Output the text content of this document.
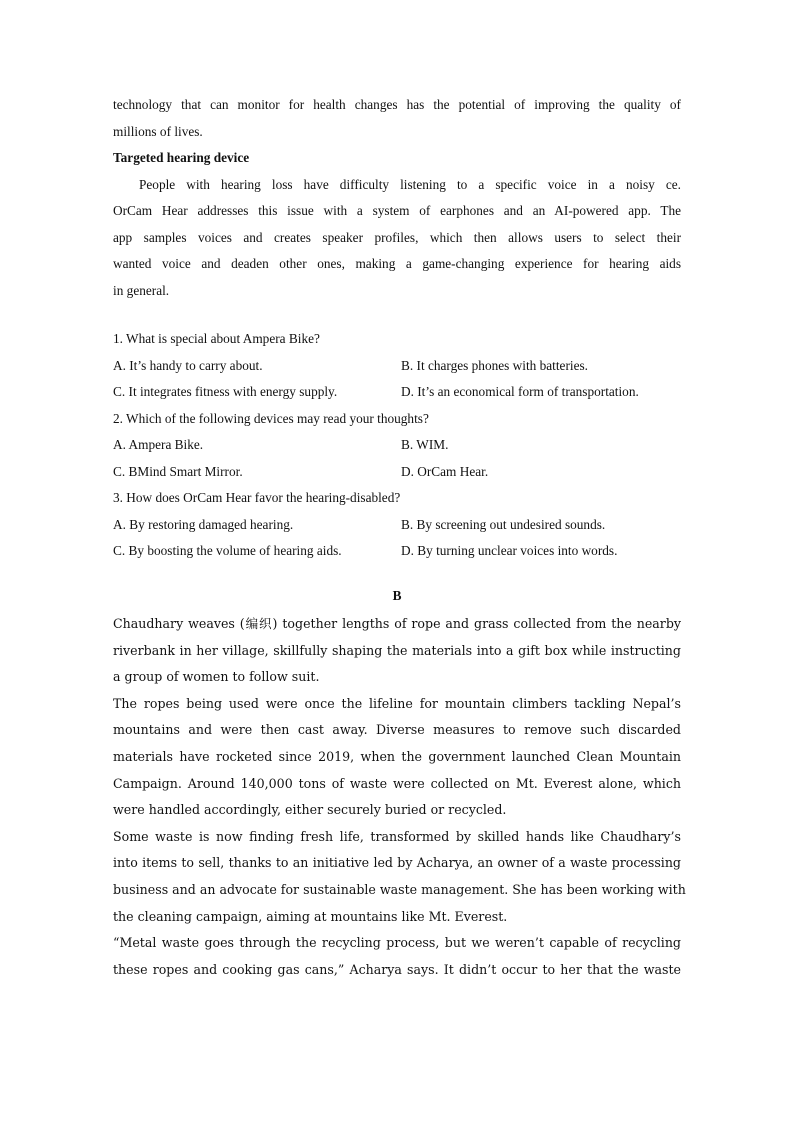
technology that can monitor for health changes has the potential of improving the quality of
millions of lives.
Targeted hearing device
People with hearing loss have difficulty listening to a specific voice in a noisy ce.
OrCam Hear addresses this issue with a system of earphones and an AI-powered app. The
app samples voices and creates speaker profiles, which then allows users to select their
wanted voice and deaden other ones, making a game-changing experience for hearing aids
in general.
1. What is special about Ampera Bike?
A. It’s handy to carry about.	B. It charges phones with batteries.
C. It integrates fitness with energy supply.	D. It’s an economical form of transportation.
2. Which of the following devices may read your thoughts?
A. Ampera Bike.	B. WIM.
C. BMind Smart Mirror.	D. OrCam Hear.
3. How does OrCam Hear favor the hearing-disabled?
A. By restoring damaged hearing.	B. By screening out undesired sounds.
C. By boosting the volume of hearing aids.	D. By turning unclear voices into words.
B
Chaudhary weaves (编织) together lengths of rope and grass collected from the nearby
riverbank in her village, skillfully shaping the materials into a gift box while instructing
a group of women to follow suit.
The ropes being used were once the lifeline for mountain climbers tackling Nepal’s
mountains and were then cast away. Diverse measures to remove such discarded
materials have rocketed since 2019, when the government launched Clean Mountain
Campaign. Around 140,000 tons of waste were collected on Mt. Everest alone, which
were handled accordingly, either securely buried or recycled.
Some waste is now finding fresh life, transformed by skilled hands like Chaudhary’s
into items to sell, thanks to an initiative led by Acharya, an owner of a waste processing
business and an advocate for sustainable waste management. She has been working with
the cleaning campaign, aiming at mountains like Mt. Everest.
“Metal waste goes through the recycling process, but we weren’t capable of recycling
these ropes and cooking gas cans,” Acharya says. It didn’t occur to her that the waste
